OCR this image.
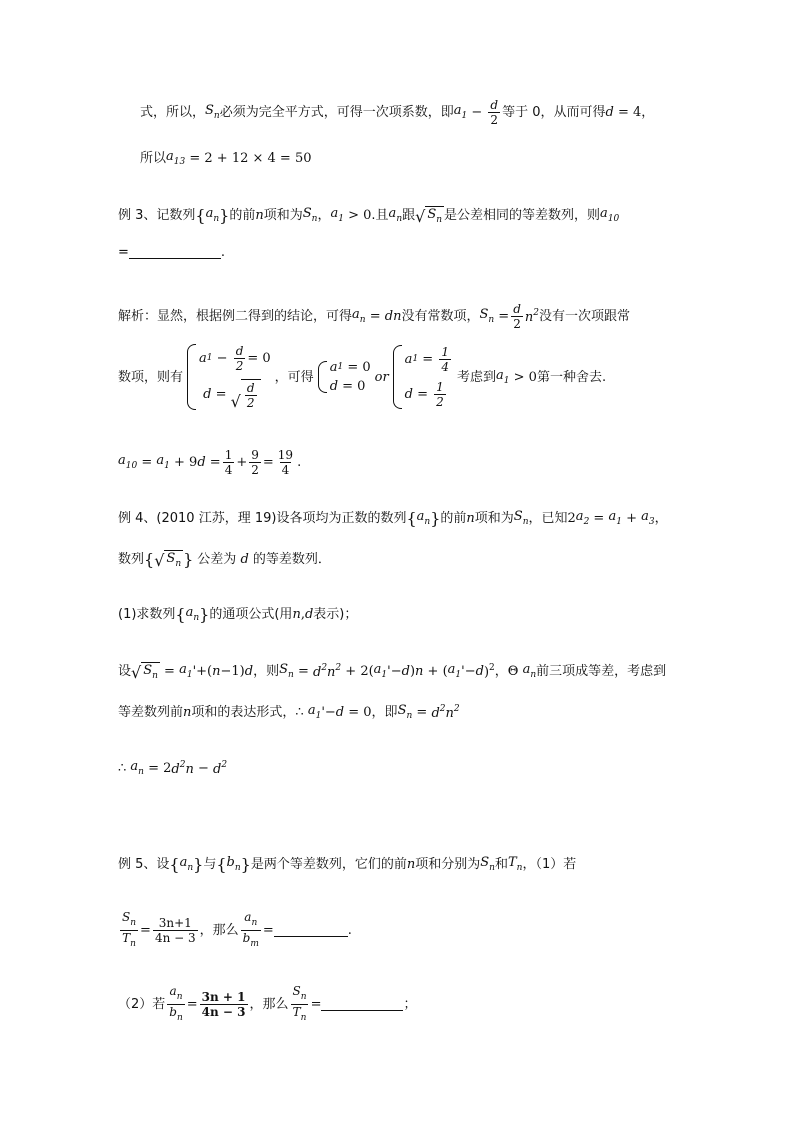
式，所以， $S_n$ 必须为完全平方式，可得一次项系数，即 $a_1 - \frac{d}{2}$ 等于 0，从而可得 d = 4 ，
所以 $a_{13}$
= 2 + 12 × 4 = 50
例 3、记数列 { $a_n$ } 的前 n 项和为 $S_n$ ， $a_1 > 0$ .且 $a_n$ 跟 √ $S_n$ 是公差相同的等差数列，则 $a_{10}$
=	.
解析：显然，根据例二得到的结论，可得 $a_n$ = dn 没有常数项， $S_n = \frac{d}{2} n^2$ 没有一次项跟常
数项，则有
a $1 - \frac{d}{2} = 0$
d = √ $\frac{d}{2}$
，可得
a 1 = 0
d = 0
or
a $1 = \frac{1}{4}$
$d = \frac{1}{2}$
考虑到 $a_1 > 0$ 第一种舍去.
$a_{10} = a_1 + 9$ $d = \frac{1}{4} + \frac{9}{2} = \frac{19}{4}$ .
例 4、(2010 江苏，理 19)设各项均为正数的数列 { $a_n$ } 的前 n 项和为 $S_n$ ，已知 2 $a_2 = a_1 + a_3$ ，
数列 { √ $S_n$ } 公差为 d 的等差数列．
(1)求数列 { $a_n$ } 的通项公式(用 n , d 表示)；
设 √ $S_n = a_1$ '+( n −1) d ，则 $S_n = d^2n^2 + 2$( $a_1$ '− d ) n + ( $a_1$ '− d )$^2$ ， Θ $a_n$ 前三项成等差，考虑到
等差数列前 n 项和的表达形式， ∴ $a_1$ '− d = 0 ，即 $S_n = d^2n^2$
∴ $a_n = 2$ $d^2n - d^2$
例 5、设 { $a_n$ } 与 { $b_n$ } 是两个等差数列，它们的前 n 项和分别为 $S_n$ 和 $T_n$ ，（1）若
$\frac{S_n}{T_n} = \frac{3n+1}{4n - 3}$ ，那么 $\frac{a_n}{b_m}$ =	.
（2）若 $\frac{a_n}{b_n} = \frac{3n + 1}{4n - 3}$ ，那么 $\frac{S_n}{T_n}$ =	；
